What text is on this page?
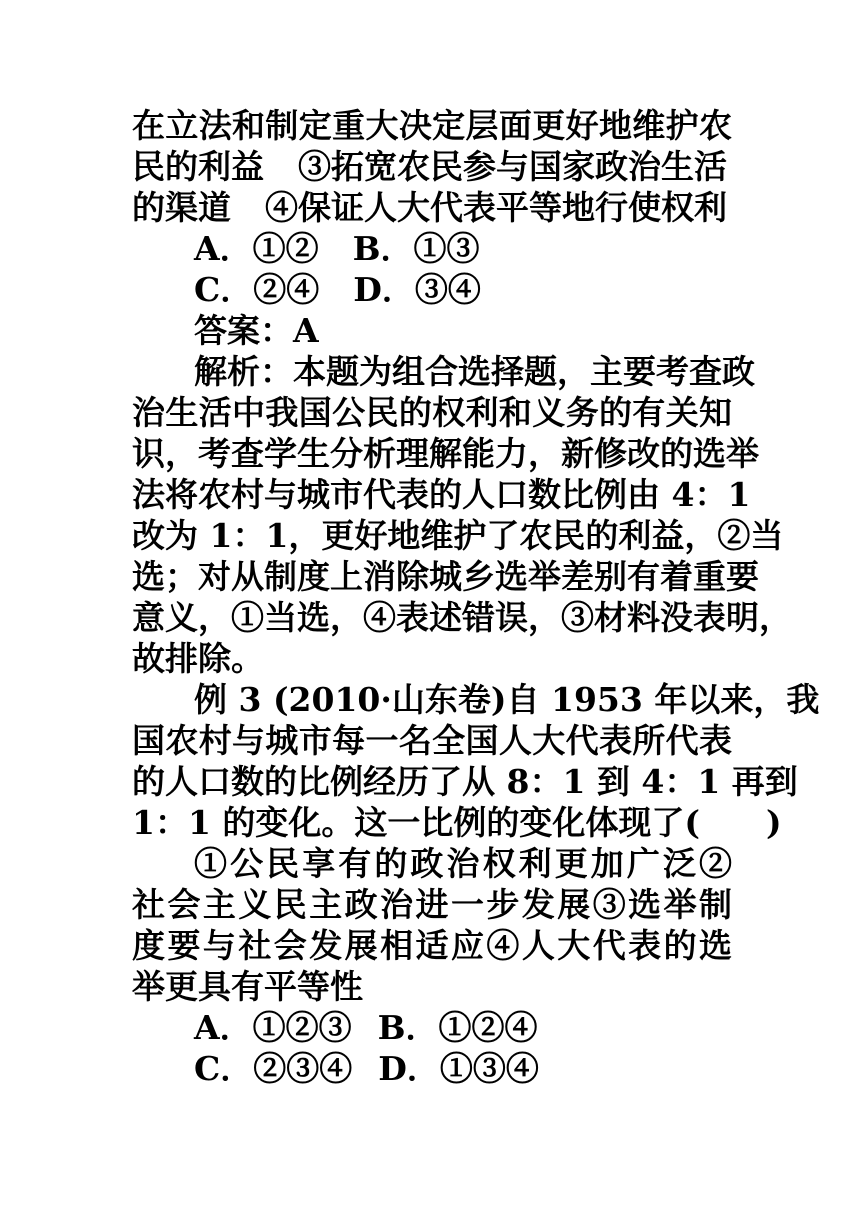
在立法和制定重大决定层面更好地维护农
民的利益 ③拓宽农民参与国家政治生活
的渠道 ④保证人大代表平等地行使权利
A．①② B．①③
C．②④ D．③④
答案：A
解析：本题为组合选择题，主要考查政
治生活中我国公民的权利和义务的有关知
识，考查学生分析理解能力，新修改的选举
法将农村与城市代表的人口数比例由 4：1
改为 1：1，更好地维护了农民的利益，②当
选；对从制度上消除城乡选举差别有着重要
意义，①当选，④表述错误，③材料没表明，
故排除。
例 3 (2010·山东卷)自 1953 年以来，我
国农村与城市每一名全国人大代表所代表
的人口数的比例经历了从 8：1 到 4：1 再到
1：1 的变化。这一比例的变化体现了(　　)
①公民享有的政治权利更加广泛②
社会主义民主政治进一步发展③选举制
度要与社会发展相适应④人大代表的选
举更具有平等性
A．①②③ B．①②④
C．②③④ D．①③④
